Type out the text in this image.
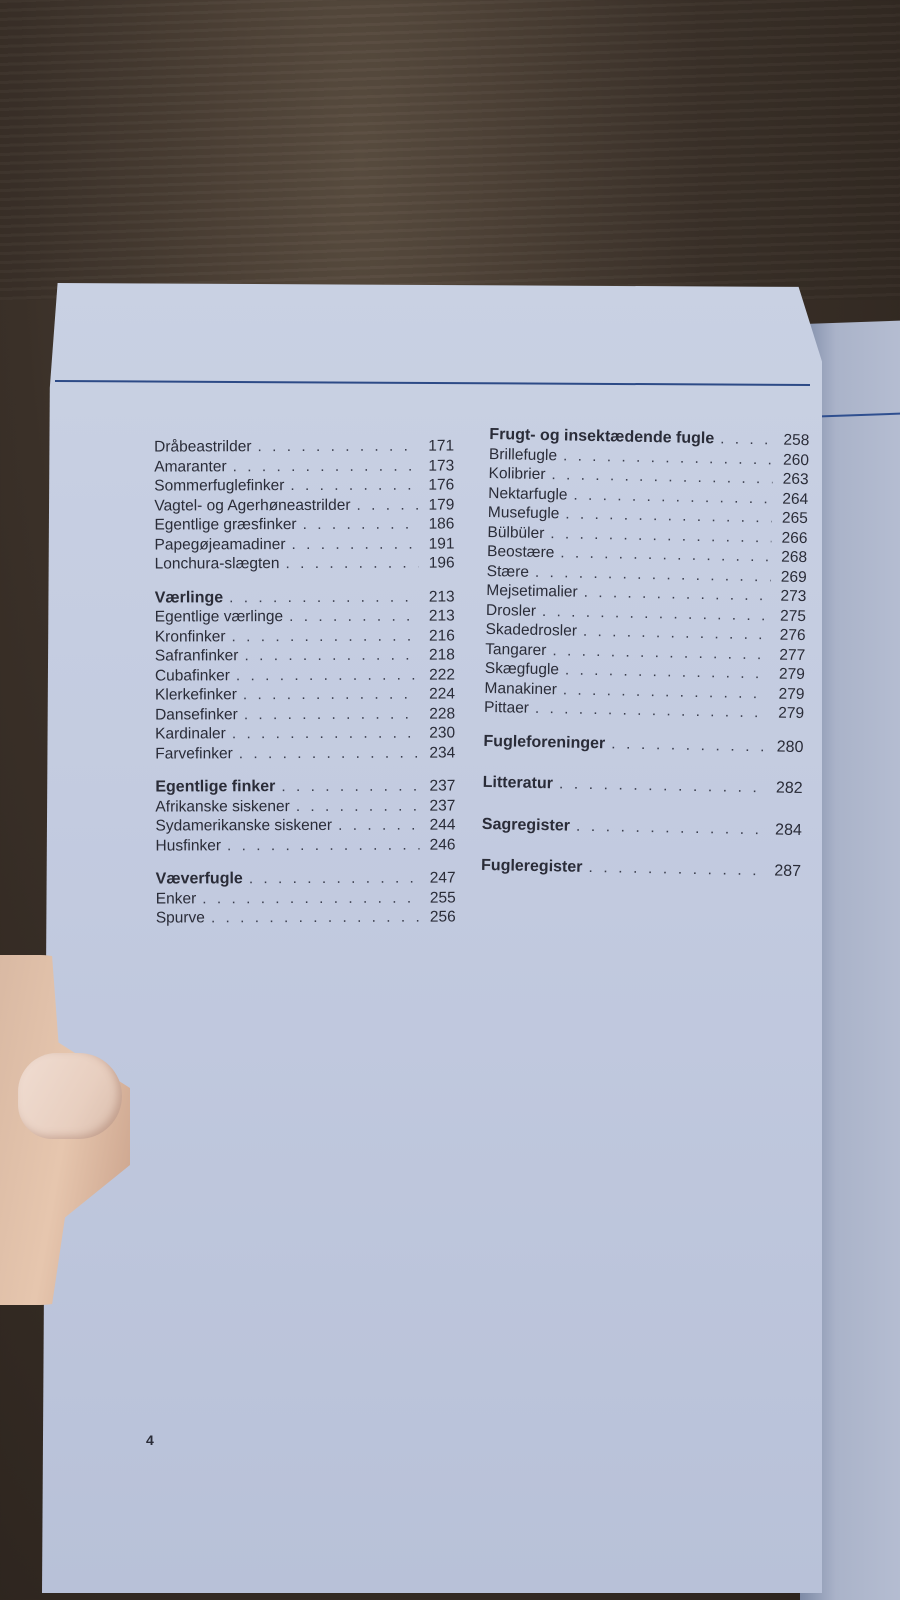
Dråbeastrilder . . .	171
Amaranter . . .	173
Sommerfuglefinker . . .	176
Vagtel- og Agerhøneastrilder . . .	179
Egentlige græsfinker . . .	186
Papegøjeamadiner . . .	191
Lonchura-slægten . . .	196
Værlinge . . .	213
Egentlige værlinge . . .	213
Kronfinker . . .	216
Safranfinker . . .	218
Cubafinker . . .	222
Klerkefinker . . .	224
Dansefinker . . .	228
Kardinaler . . .	230
Farvefinker . . .	234
Egentlige finker . . .	237
Afrikanske siskener . . .	237
Sydamerikanske siskener . . .	244
Husfinker . . .	246
Væverfugle . . .	247
Enker . . .	255
Spurve . . .	256
Frugt- og insektædende fugle . . .	258
Brillefugle . . .	260
Kolibrier . . .	263
Nektarfugle . . .	264
Musefugle . . .	265
Bülbüler . . .	266
Beostære . . .	268
Stære . . .	269
Mejsetimalier . . .	273
Drosler . . .	275
Skadedrosler . . .	276
Tangarer . . .	277
Skægfugle . . .	279
Manakiner . . .	279
Pittaer . . .	279
Fugleforeninger . . .	280
Litteratur . . .	282
Sagregister . . .	284
Fugleregister . . .	287
4
